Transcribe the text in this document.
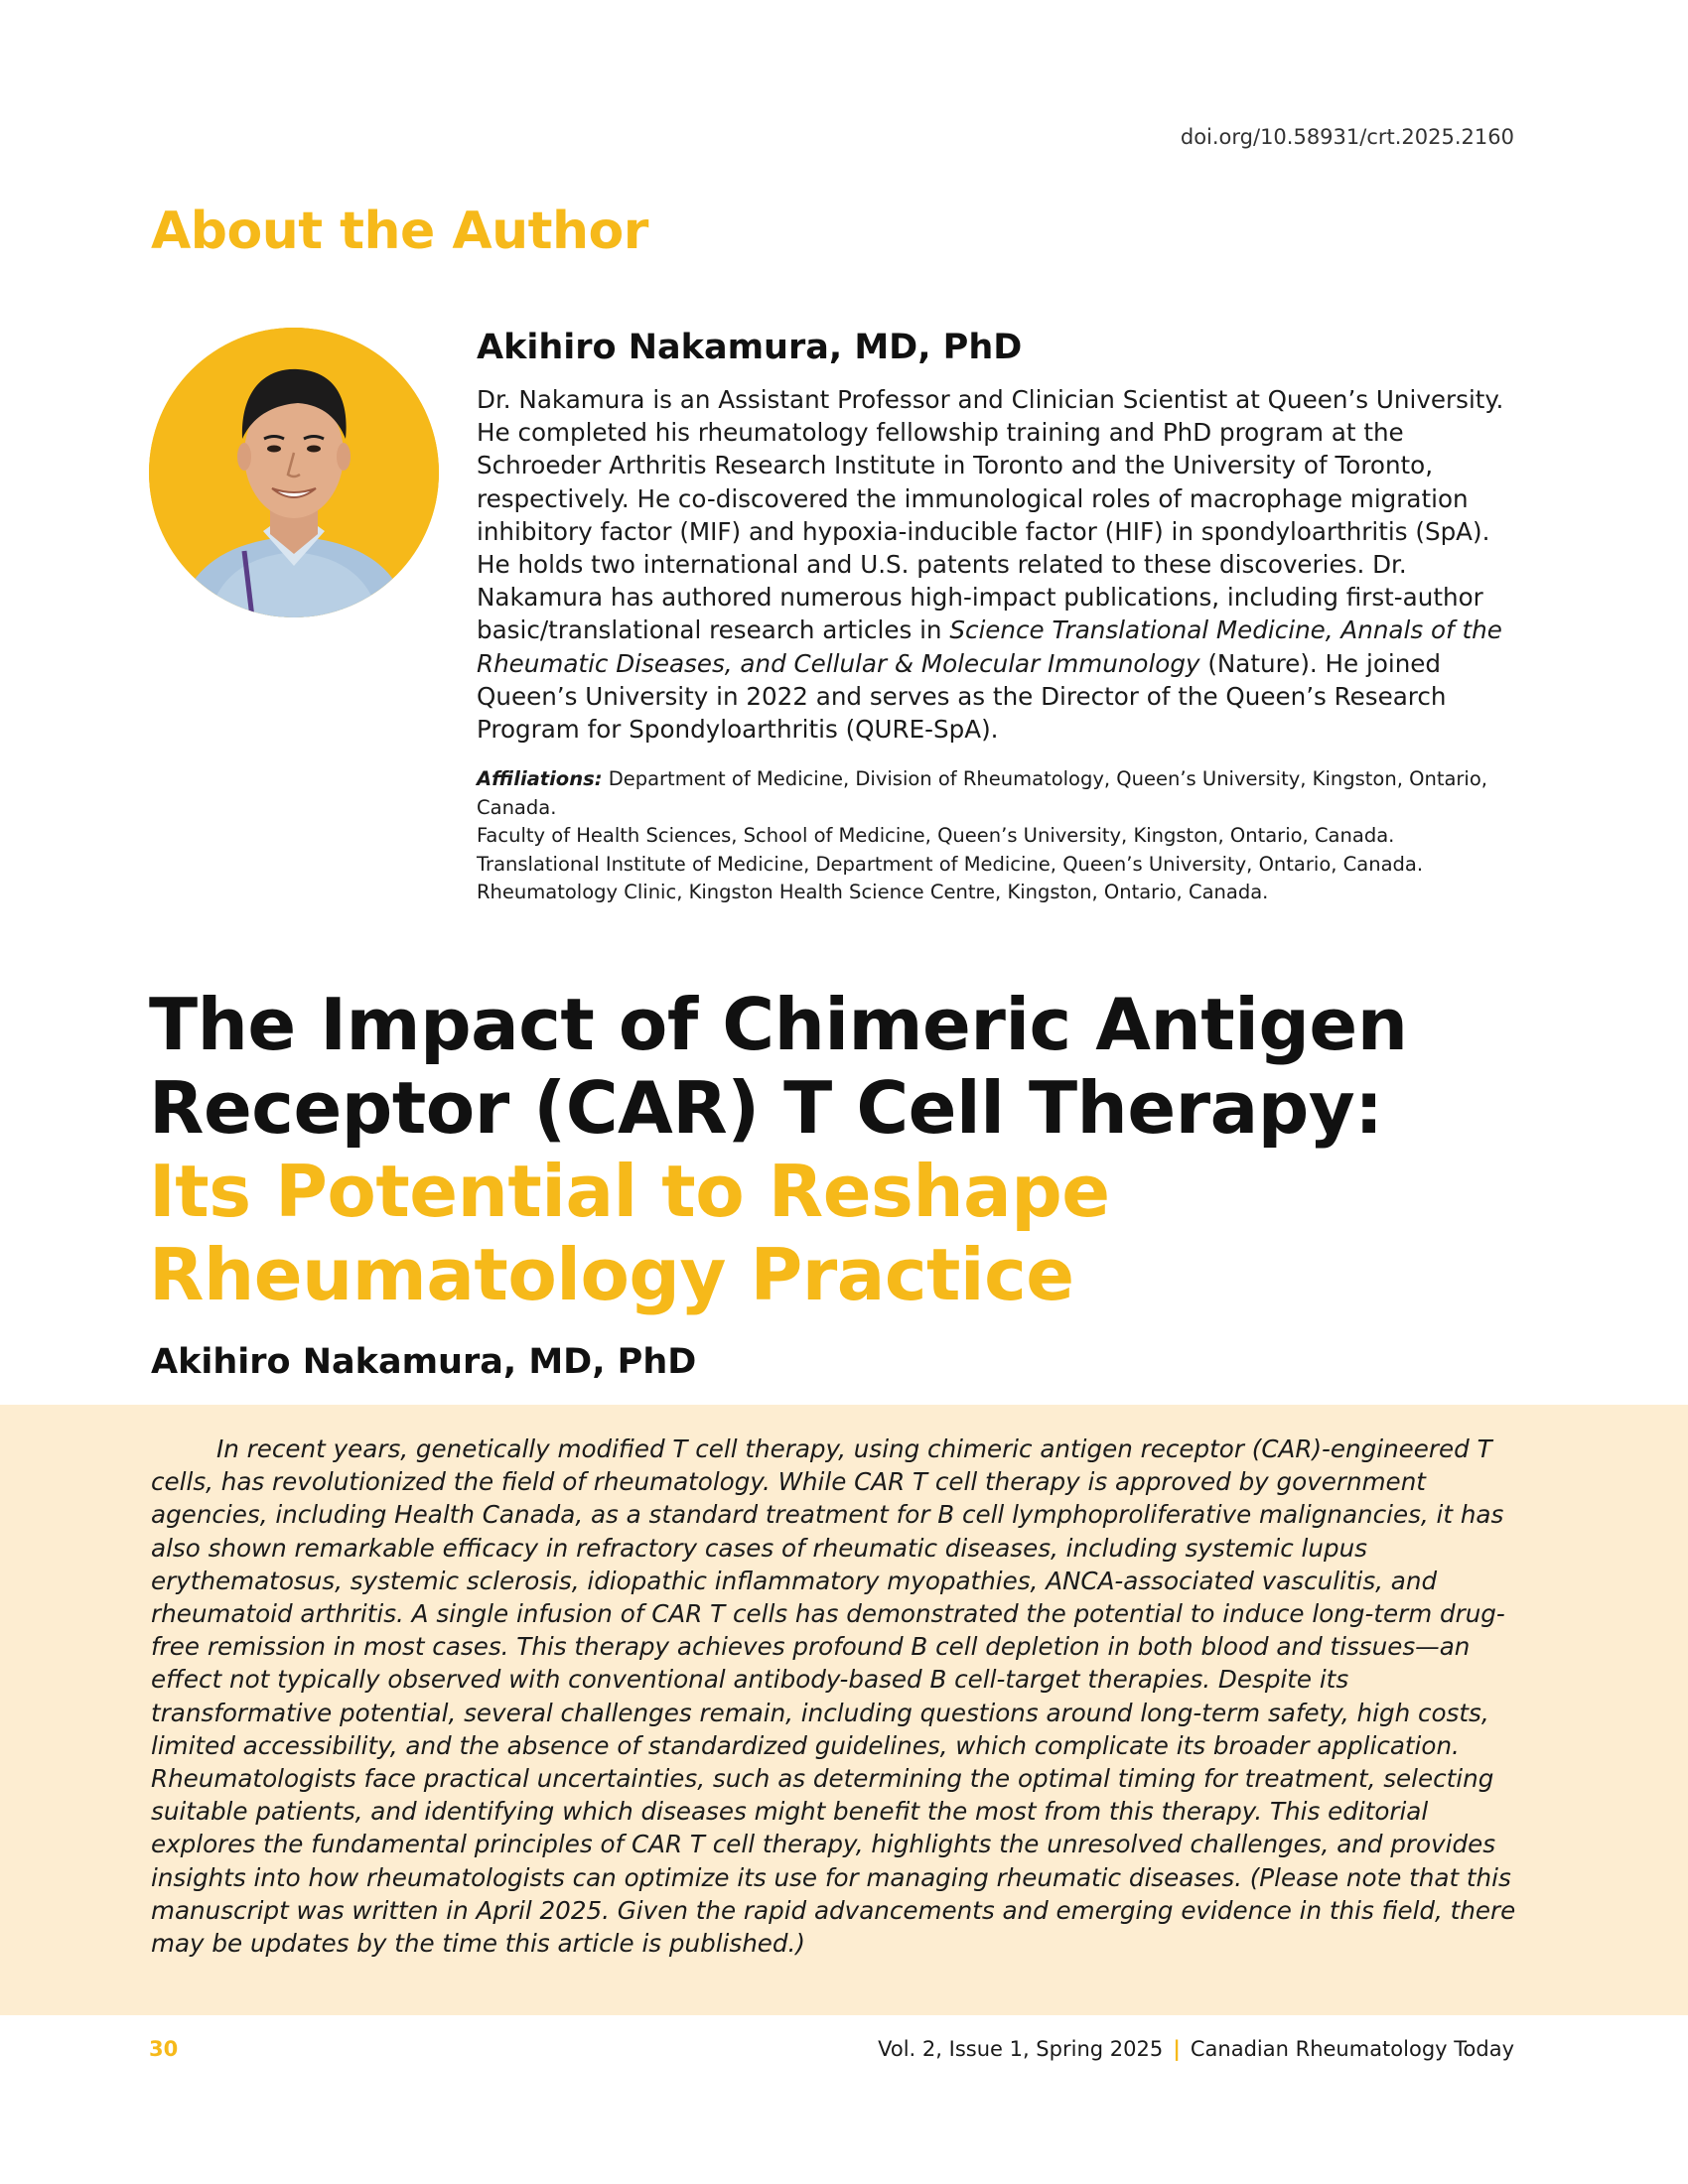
doi.org/10.58931/crt.2025.2160
About the Author
Akihiro Nakamura, MD, PhD

Dr. Nakamura is an Assistant Professor and Clinician Scientist at Queen’s University. He completed his rheumatology fellowship training and PhD program at the Schroeder Arthritis Research Institute in Toronto and the University of Toronto, respectively. He co-discovered the immunological roles of macrophage migration inhibitory factor (MIF) and hypoxia-inducible factor (HIF) in spondyloarthritis (SpA). He holds two international and U.S. patents related to these discoveries. Dr. Nakamura has authored numerous high-impact publications, including first-author basic/translational research articles in Science Translational Medicine, Annals of the Rheumatic Diseases, and Cellular & Molecular Immunology (Nature). He joined Queen’s University in 2022 and serves as the Director of the Queen’s Research Program for Spondyloarthritis (QURE-SpA).

Affiliations: Department of Medicine, Division of Rheumatology, Queen’s University, Kingston, Ontario, Canada.
Faculty of Health Sciences, School of Medicine, Queen’s University, Kingston, Ontario, Canada.
Translational Institute of Medicine, Department of Medicine, Queen’s University, Ontario, Canada.
Rheumatology Clinic, Kingston Health Science Centre, Kingston, Ontario, Canada.
The Impact of Chimeric Antigen
Receptor (CAR) T Cell Therapy:
Its Potential to Reshape
Rheumatology Practice
Akihiro Nakamura, MD, PhD

In recent years, genetically modified T cell therapy, using chimeric antigen receptor (CAR)-engineered T cells, has revolutionized the field of rheumatology. While CAR T cell therapy is approved by government agencies, including Health Canada, as a standard treatment for B cell lymphoproliferative malignancies, it has also shown remarkable efficacy in refractory cases of rheumatic diseases, including systemic lupus erythematosus, systemic sclerosis, idiopathic inflammatory myopathies, ANCA-associated vasculitis, and rheumatoid arthritis. A single infusion of CAR T cells has demonstrated the potential to induce long-term drug-free remission in most cases. This therapy achieves profound B cell depletion in both blood and tissues—an effect not typically observed with conventional antibody-based B cell-target therapies. Despite its transformative potential, several challenges remain, including questions around long-term safety, high costs, limited accessibility, and the absence of standardized guidelines, which complicate its broader application. Rheumatologists face practical uncertainties, such as determining the optimal timing for treatment, selecting suitable patients, and identifying which diseases might benefit the most from this therapy. This editorial explores the fundamental principles of CAR T cell therapy, highlights the unresolved challenges, and provides insights into how rheumatologists can optimize its use for managing rheumatic diseases. (Please note that this manuscript was written in April 2025. Given the rapid advancements and emerging evidence in this field, there may be updates by the time this article is published.)

30	Vol. 2, Issue 1, Spring 2025 | Canadian Rheumatology Today
